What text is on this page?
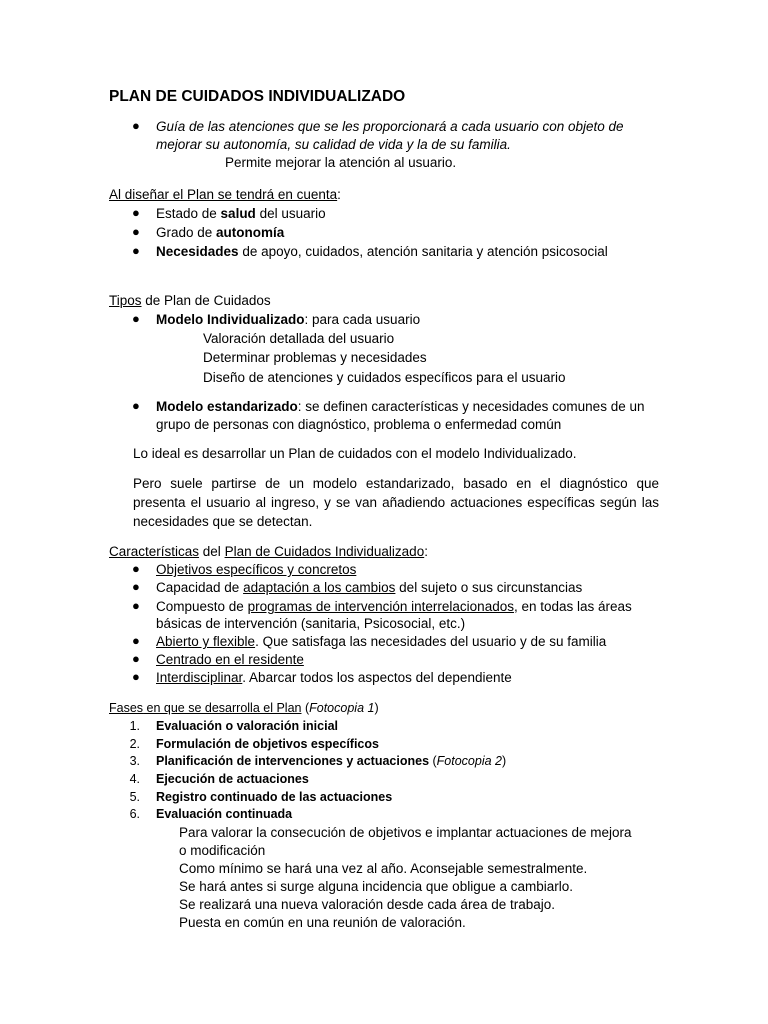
PLAN DE CUIDADOS INDIVIDUALIZADO
● Guía de las atenciones que se les proporcionará a cada usuario con objeto de
mejorar su autonomía, su calidad de vida y la de su familia.
Permite mejorar la atención al usuario.
Al diseñar el Plan se tendrá en cuenta:
● Estado de salud del usuario
● Grado de autonomía
● Necesidades de apoyo, cuidados, atención sanitaria y atención psicosocial
Tipos de Plan de Cuidados
● Modelo Individualizado: para cada usuario
Valoración detallada del usuario
Determinar problemas y necesidades
Diseño de atenciones y cuidados específicos para el usuario
● Modelo estandarizado: se definen características y necesidades comunes de un
grupo de personas con diagnóstico, problema o enfermedad común
Lo ideal es desarrollar un Plan de cuidados con el modelo Individualizado.
Pero suele partirse de un modelo estandarizado, basado en el diagnóstico que
presenta el usuario al ingreso, y se van añadiendo actuaciones específicas según las
necesidades que se detectan.
Características del Plan de Cuidados Individualizado:
● Objetivos específicos y concretos
● Capacidad de adaptación a los cambios del sujeto o sus circunstancias
● Compuesto de programas de intervención interrelacionados, en todas las áreas
básicas de intervención (sanitaria, Psicosocial, etc.)
● Abierto y flexible. Que satisfaga las necesidades del usuario y de su familia
● Centrado en el residente
● Interdisciplinar. Abarcar todos los aspectos del dependiente
Fases en que se desarrolla el Plan (Fotocopia 1)
1. Evaluación o valoración inicial
2. Formulación de objetivos específicos
3. Planificación de intervenciones y actuaciones (Fotocopia 2)
4. Ejecución de actuaciones
5. Registro continuado de las actuaciones
6. Evaluación continuada
Para valorar la consecución de objetivos e implantar actuaciones de mejora
o modificación
Como mínimo se hará una vez al año. Aconsejable semestralmente.
Se hará antes si surge alguna incidencia que obligue a cambiarlo.
Se realizará una nueva valoración desde cada área de trabajo.
Puesta en común en una reunión de valoración.
